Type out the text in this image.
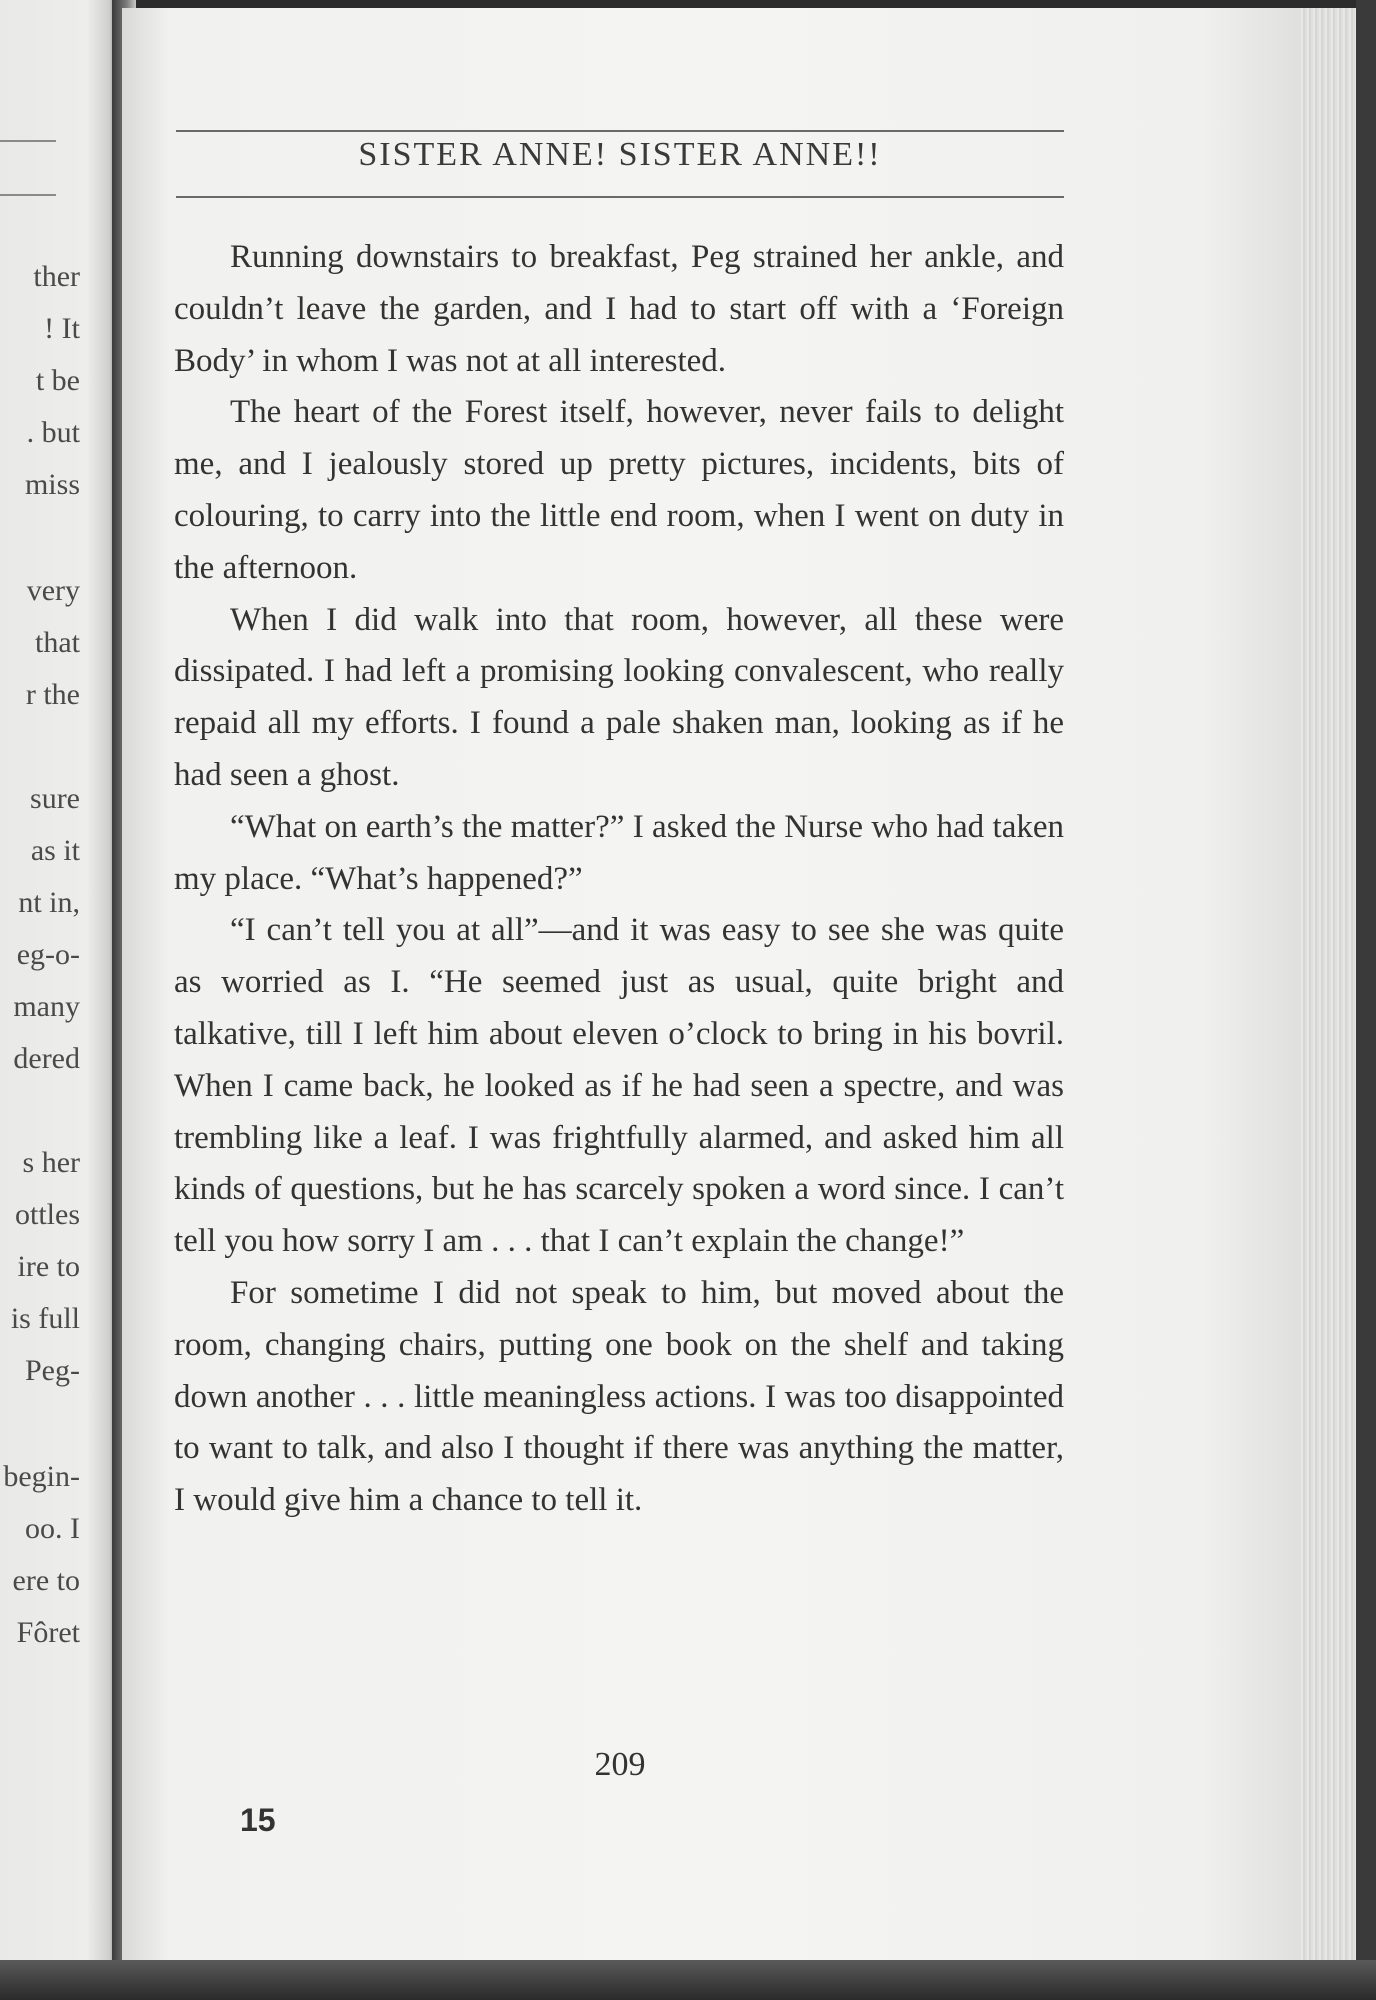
ther
! It
t be
. but
miss
very
that
r the
sure
as it
nt in,
eg-o-
many
dered
s her
ottles
ire to
is full
Peg-
begin-
oo. I
ere to
Fôret
SISTER ANNE! SISTER ANNE!!

Running downstairs to breakfast, Peg strained her ankle, and couldn’t leave the garden, and I had to start off with a ‘Foreign Body’ in whom I was not at all interested.

The heart of the Forest itself, however, never fails to delight me, and I jealously stored up pretty pictures, incidents, bits of colouring, to carry into the little end room, when I went on duty in the afternoon.

When I did walk into that room, however, all these were dissipated. I had left a promising looking convalescent, who really repaid all my efforts. I found a pale shaken man, looking as if he had seen a ghost.

“What on earth’s the matter?” I asked the Nurse who had taken my place. “What’s happened?”

“I can’t tell you at all”—and it was easy to see she was quite as worried as I. “He seemed just as usual, quite bright and talkative, till I left him about eleven o’clock to bring in his bovril. When I came back, he looked as if he had seen a spectre, and was trembling like a leaf. I was frightfully alarmed, and asked him all kinds of questions, but he has scarcely spoken a word since. I can’t tell you how sorry I am . . . that I can’t explain the change!”

For sometime I did not speak to him, but moved about the room, changing chairs, putting one book on the shelf and taking down another . . . little meaningless actions. I was too disappointed to want to talk, and also I thought if there was anything the matter, I would give him a chance to tell it.

209
15
